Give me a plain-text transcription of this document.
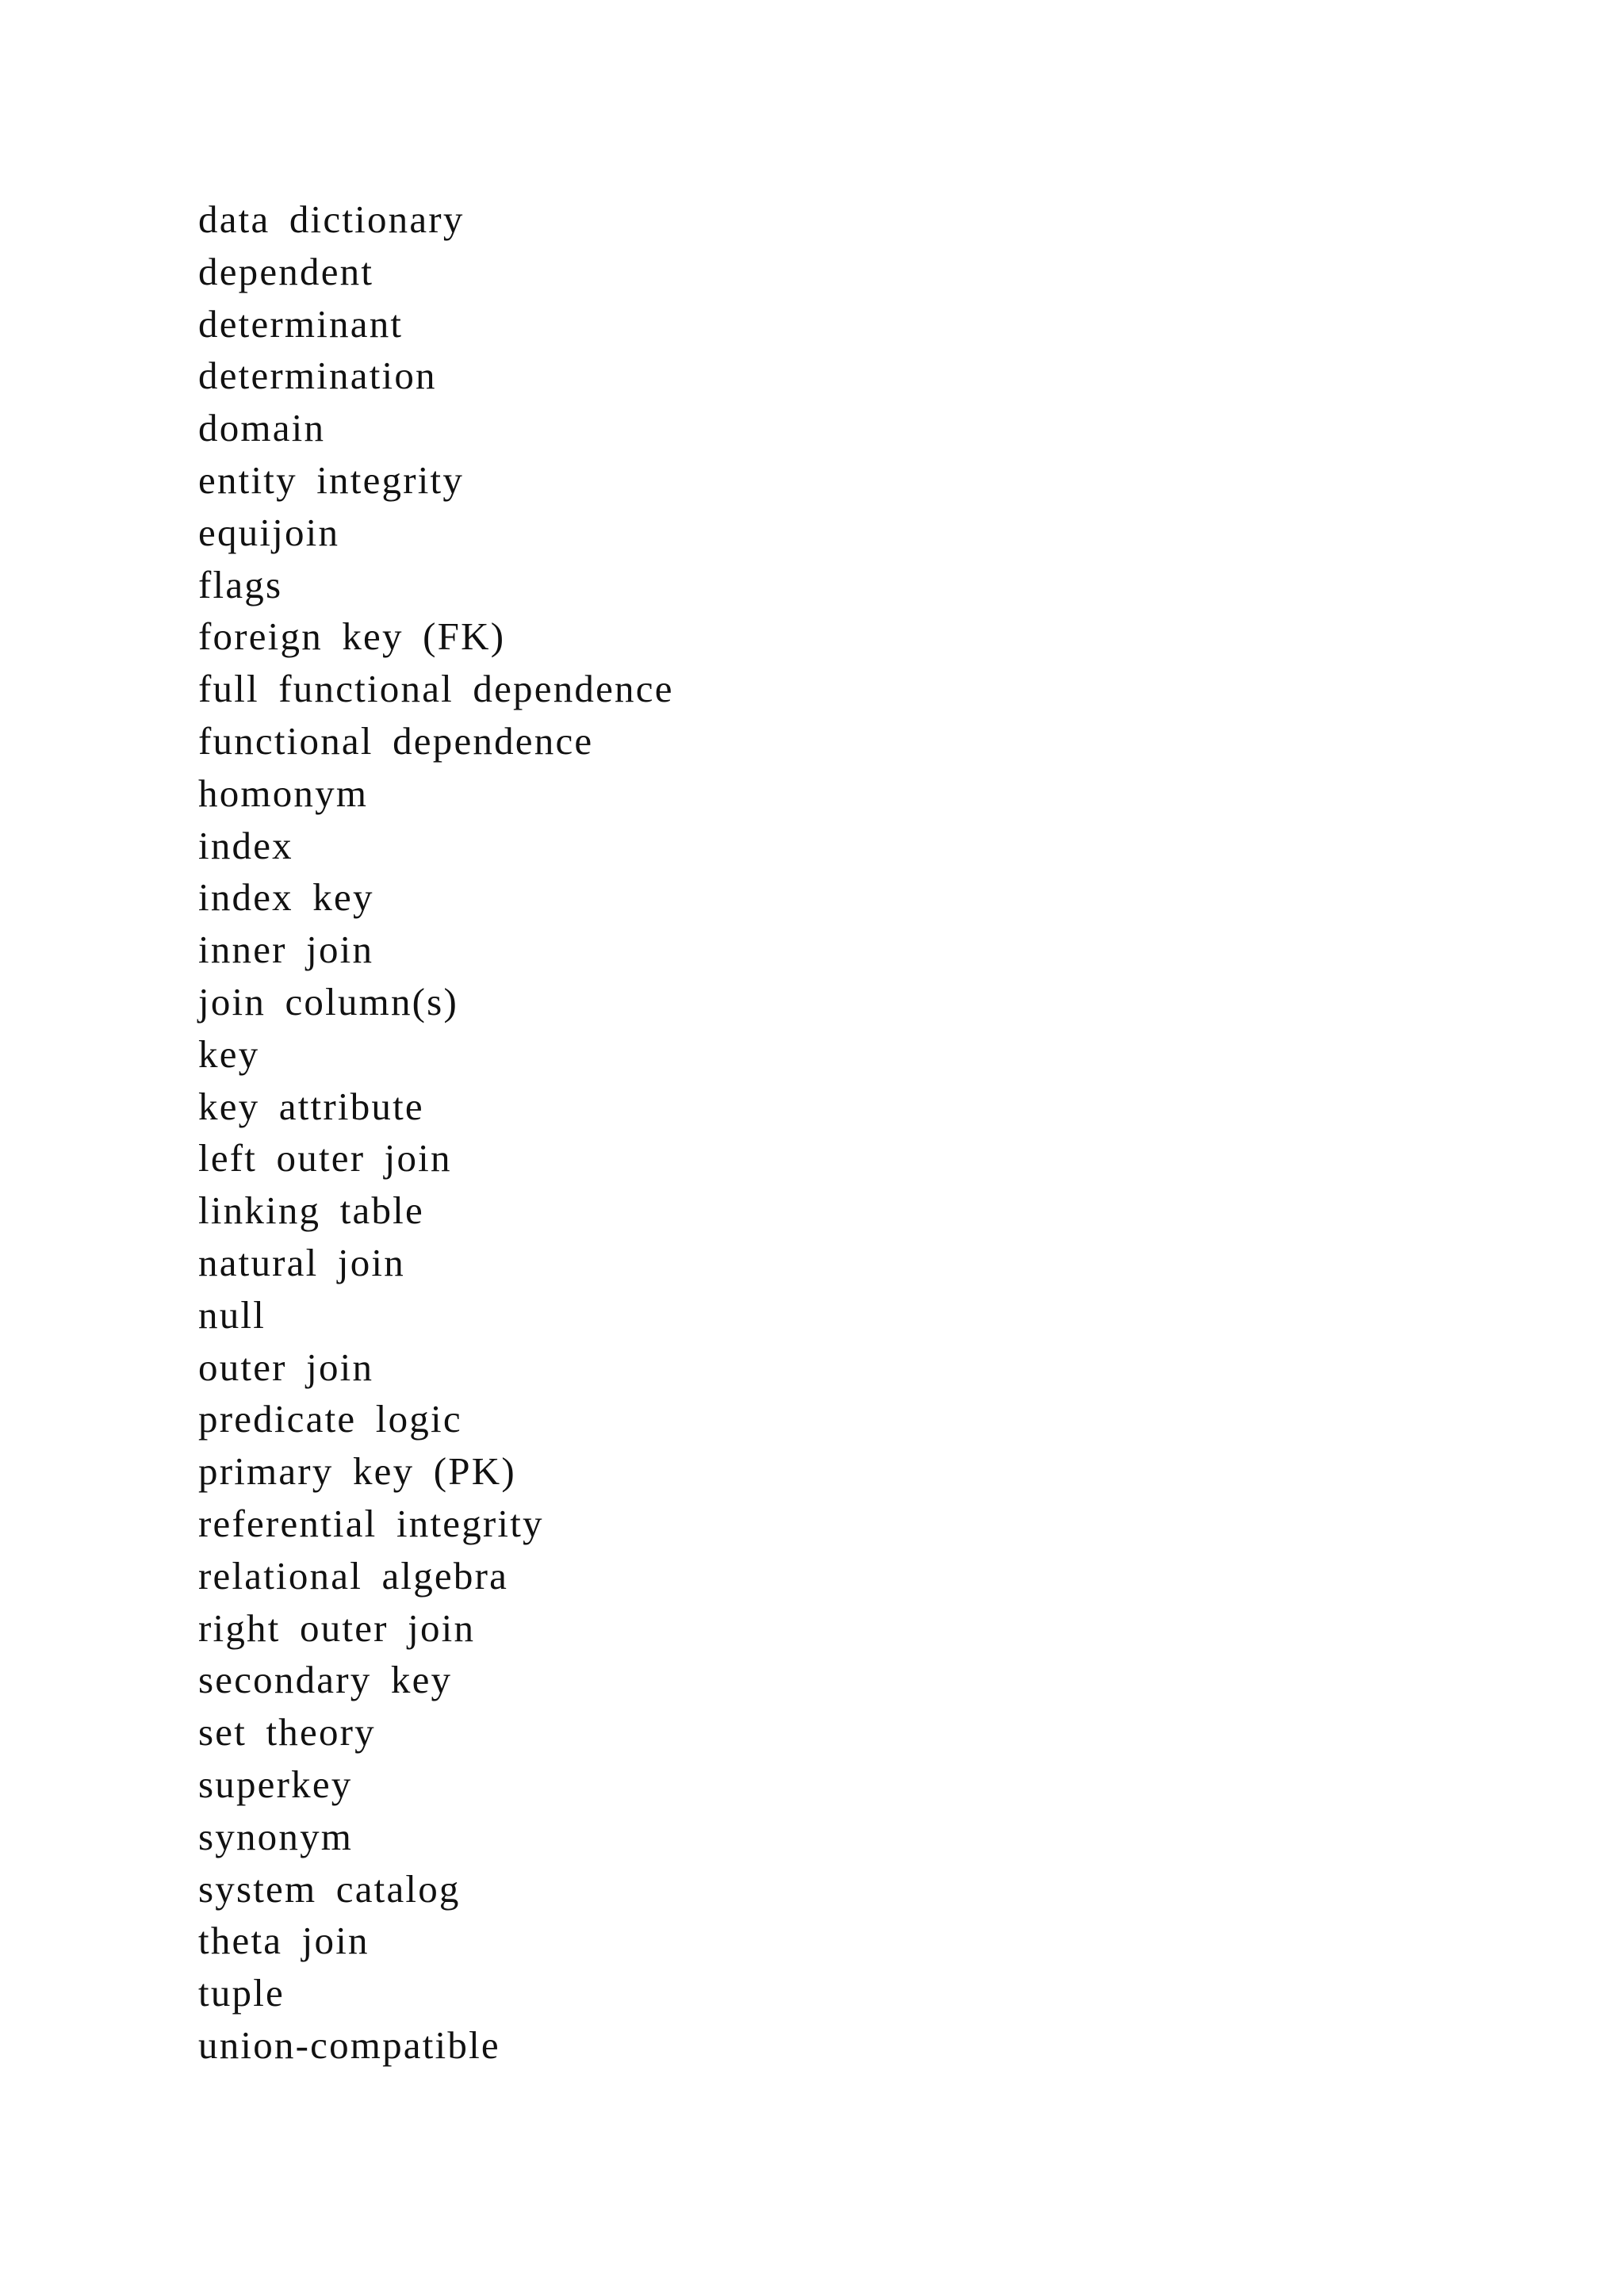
data dictionary
dependent
determinant
determination
domain
entity integrity
equijoin
flags
foreign key (FK)
full functional dependence
functional dependence
homonym
index
index key
inner join
join column(s)
key
key attribute
left outer join
linking table
natural join
null
outer join
predicate logic
primary key (PK)
referential integrity
relational algebra
right outer join
secondary key
set theory
superkey
synonym
system catalog
theta join
tuple
union-compatible
